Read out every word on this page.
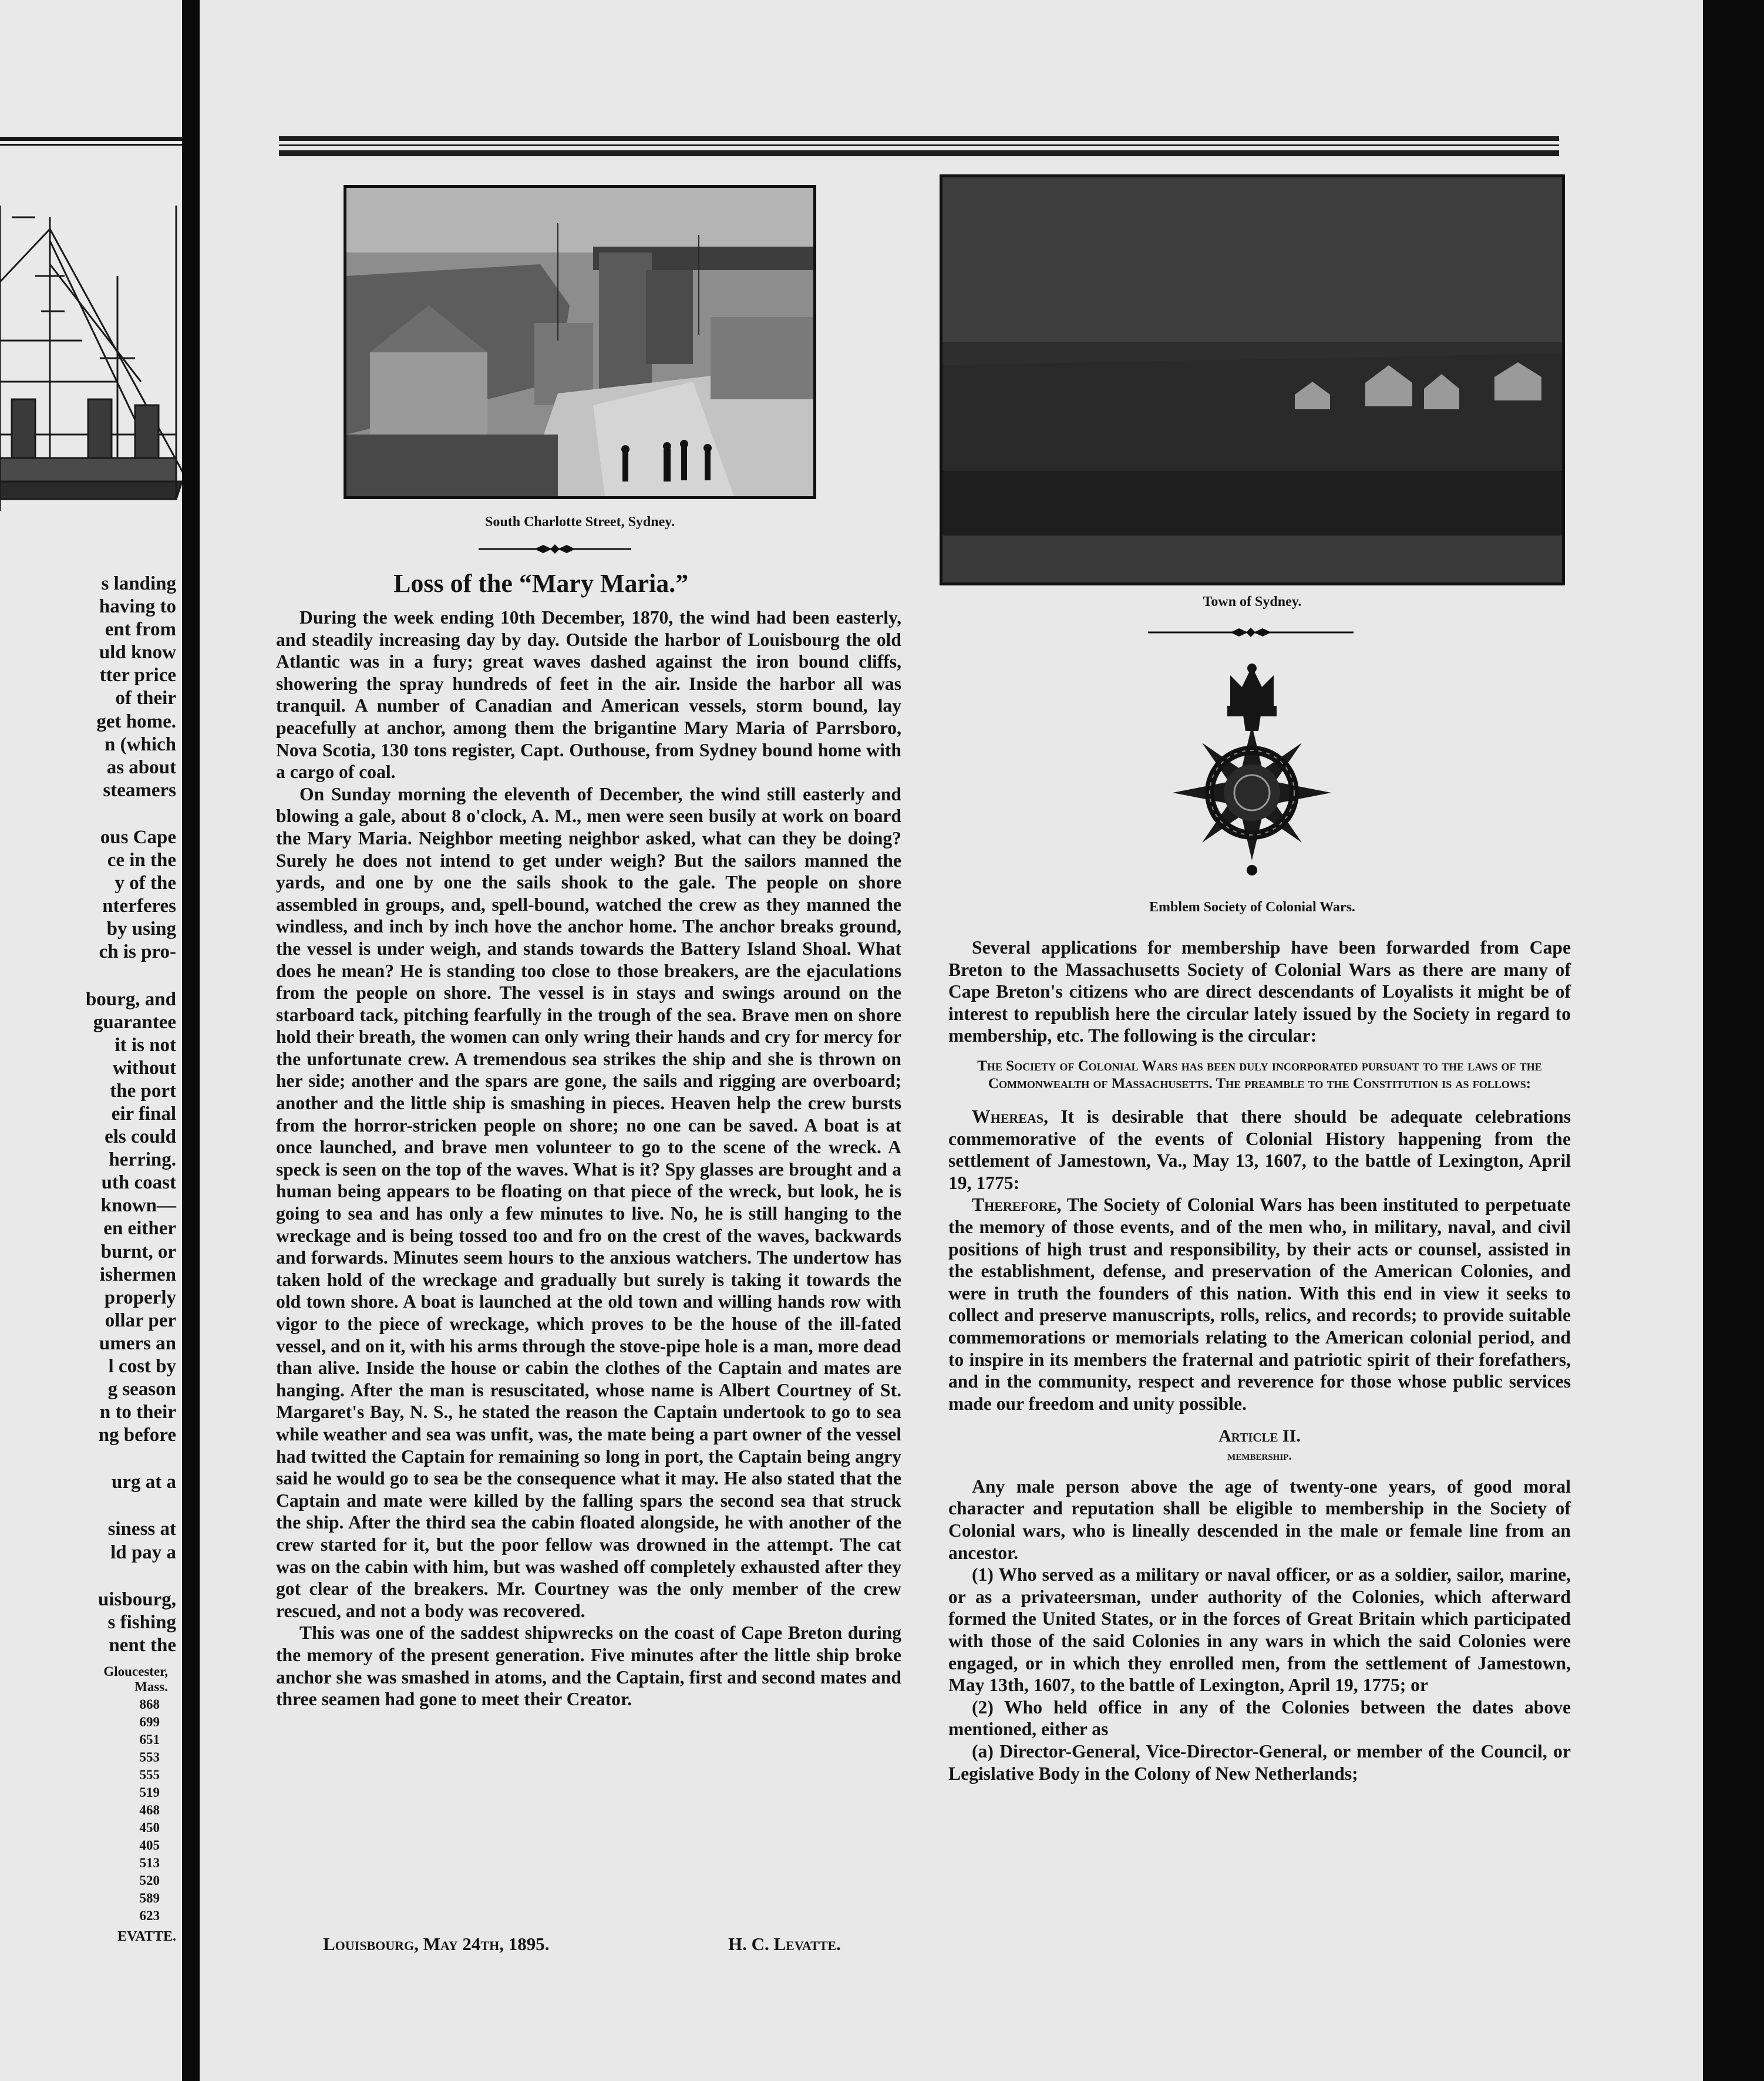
s landing
having to
ent from
uld know
tter price
of their
get home.
n (which
as about
steamers
ous Cape
ce in the
y of the
nterferes
by using
ch is pro-
bourg, and
guarantee
it is not
without
the port
eir final
els could
herring.
uth coast
known—
en either
burnt, or
ishermen
properly
ollar per
umers an
l cost by
g season
n to their
ng before
urg at a
siness at
ld pay a
uisbourg,
s fishing
nent the
Gloucester,
Mass.
868
699
651
553
555
519
468
450
405
513
520
589
623
EVATTE.
South Charlotte Street, Sydney.
Town of Sydney.
Emblem Society of Colonial Wars.
Loss of the “Mary Maria.”

During the week ending 10th December, 1870, the wind had been easterly, and steadily increasing day by day. Outside the harbor of Louisbourg the old Atlantic was in a fury; great waves dashed against the iron bound cliffs, showering the spray hundreds of feet in the air. Inside the harbor all was tranquil. A number of Canadian and American vessels, storm bound, lay peacefully at anchor, among them the brigantine Mary Maria of Parrsboro, Nova Scotia, 130 tons register, Capt. Outhouse, from Sydney bound home with a cargo of coal.

On Sunday morning the eleventh of December, the wind still easterly and blowing a gale, about 8 o'clock, A. M., men were seen busily at work on board the Mary Maria. Neighbor meeting neighbor asked, what can they be doing? Surely he does not intend to get under weigh? But the sailors manned the yards, and one by one the sails shook to the gale. The people on shore assembled in groups, and, spell-bound, watched the crew as they manned the windless, and inch by inch hove the anchor home. The anchor breaks ground, the vessel is under weigh, and stands towards the Battery Island Shoal. What does he mean? He is standing too close to those breakers, are the ejaculations from the people on shore. The vessel is in stays and swings around on the starboard tack, pitching fearfully in the trough of the sea. Brave men on shore hold their breath, the women can only wring their hands and cry for mercy for the unfortunate crew. A tremendous sea strikes the ship and she is thrown on her side; another and the spars are gone, the sails and rigging are overboard; another and the little ship is smashing in pieces. Heaven help the crew bursts from the horror-stricken people on shore; no one can be saved. A boat is at once launched, and brave men volunteer to go to the scene of the wreck. A speck is seen on the top of the waves. What is it? Spy glasses are brought and a human being appears to be floating on that piece of the wreck, but look, he is going to sea and has only a few minutes to live. No, he is still hanging to the wreckage and is being tossed too and fro on the crest of the waves, backwards and forwards. Minutes seem hours to the anxious watchers. The undertow has taken hold of the wreckage and gradually but surely is taking it towards the old town shore. A boat is launched at the old town and willing hands row with vigor to the piece of wreckage, which proves to be the house of the ill-fated vessel, and on it, with his arms through the stove-pipe hole is a man, more dead than alive. Inside the house or cabin the clothes of the Captain and mates are hanging. After the man is resuscitated, whose name is Albert Courtney of St. Margaret's Bay, N. S., he stated the reason the Captain undertook to go to sea while weather and sea was unfit, was, the mate being a part owner of the vessel had twitted the Captain for remaining so long in port, the Captain being angry said he would go to sea be the consequence what it may. He also stated that the Captain and mate were killed by the falling spars the second sea that struck the ship. After the third sea the cabin floated alongside, he with another of the crew started for it, but the poor fellow was drowned in the attempt. The cat was on the cabin with him, but was washed off completely exhausted after they got clear of the breakers. Mr. Courtney was the only member of the crew rescued, and not a body was recovered.

This was one of the saddest shipwrecks on the coast of Cape Breton during the memory of the present generation. Five minutes after the little ship broke anchor she was smashed in atoms, and the Captain, first and second mates and three seamen had gone to meet their Creator.

Louisbourg, May 24th, 1895.	H. C. Levatte.

Several applications for membership have been forwarded from Cape Breton to the Massachusetts Society of Colonial Wars as there are many of Cape Breton's citizens who are direct descendants of Loyalists it might be of interest to republish here the circular lately issued by the Society in regard to membership, etc. The following is the circular:

The Society of Colonial Wars has been duly incorporated pursuant to the laws of the Commonwealth of Massachusetts. The preamble to the Constitution is as follows:

Whereas, It is desirable that there should be adequate celebrations commemorative of the events of Colonial History happening from the settlement of Jamestown, Va., May 13, 1607, to the battle of Lexington, April 19, 1775:

Therefore, The Society of Colonial Wars has been instituted to perpetuate the memory of those events, and of the men who, in military, naval, and civil positions of high trust and responsibility, by their acts or counsel, assisted in the establishment, defense, and preservation of the American Colonies, and were in truth the founders of this nation. With this end in view it seeks to collect and preserve manuscripts, rolls, relics, and records; to provide suitable commemorations or memorials relating to the American colonial period, and to inspire in its members the fraternal and patriotic spirit of their forefathers, and in the community, respect and reverence for those whose public services made our freedom and unity possible.

Article II.

membership.

Any male person above the age of twenty-one years, of good moral character and reputation shall be eligible to membership in the Society of Colonial wars, who is lineally descended in the male or female line from an ancestor.

(1) Who served as a military or naval officer, or as a soldier, sailor, marine, or as a privateersman, under authority of the Colonies, which afterward formed the United States, or in the forces of Great Britain which participated with those of the said Colonies in any wars in which the said Colonies were engaged, or in which they enrolled men, from the settlement of Jamestown, May 13th, 1607, to the battle of Lexington, April 19, 1775; or

(2) Who held office in any of the Colonies between the dates above mentioned, either as

(a) Director-General, Vice-Director-General, or member of the Council, or Legislative Body in the Colony of New Netherlands;
